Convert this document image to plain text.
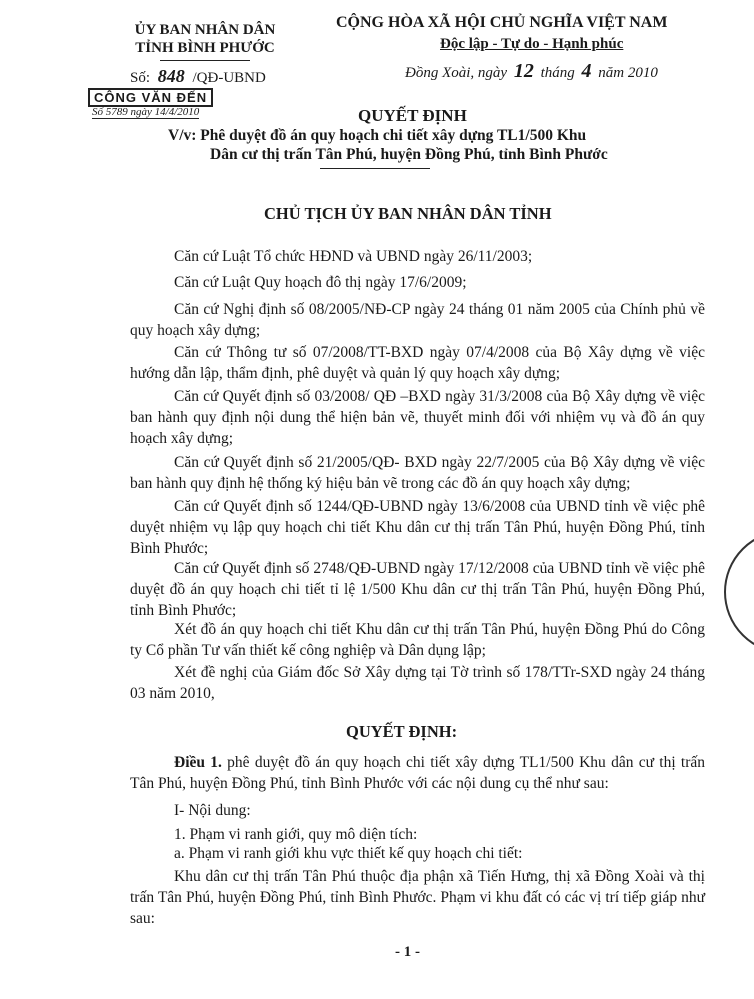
ỦY BAN NHÂN DÂN
TỈNH BÌNH PHƯỚC
CỘNG HÒA XÃ HỘI CHỦ NGHĨA VIỆT NAM
Độc lập - Tự do - Hạnh phúc
Số: 848 /QĐ-UBND	Đồng Xoài, ngày 12 tháng 4 năm 2010
CÔNG VĂN ĐẾN
Số 5789 ngày 14/4/2010	QUYẾT ĐỊNH
V/v: Phê duyệt đồ án quy hoạch chi tiết xây dựng TL1/500 Khu
Dân cư thị trấn Tân Phú, huyện Đồng Phú, tỉnh Bình Phước
CHỦ TỊCH ỦY BAN NHÂN DÂN TỈNH
Căn cứ Luật Tổ chức HĐND và UBND ngày 26/11/2003;
Căn cứ Luật Quy hoạch đô thị ngày 17/6/2009;
Căn cứ Nghị định số 08/2005/NĐ-CP ngày 24 tháng 01 năm 2005 của Chính phủ về quy hoạch xây dựng;
Căn cứ Thông tư số 07/2008/TT-BXD ngày 07/4/2008 của Bộ Xây dựng về việc hướng dẫn lập, thẩm định, phê duyệt và quản lý quy hoạch xây dựng;
Căn cứ Quyết định số 03/2008/ QĐ –BXD ngày 31/3/2008 của Bộ Xây dựng về việc ban hành quy định nội dung thể hiện bản vẽ, thuyết minh đối với nhiệm vụ và đồ án quy hoạch xây dựng;
Căn cứ Quyết định số 21/2005/QĐ- BXD ngày 22/7/2005 của Bộ Xây dựng về việc ban hành quy định hệ thống ký hiệu bản vẽ trong các đồ án quy hoạch xây dựng;
Căn cứ Quyết định số 1244/QĐ-UBND ngày 13/6/2008 của UBND tỉnh về việc phê duyệt nhiệm vụ lập quy hoạch chi tiết Khu dân cư thị trấn Tân Phú, huyện Đồng Phú, tỉnh Bình Phước;
Căn cứ Quyết định số 2748/QĐ-UBND ngày 17/12/2008 của UBND tỉnh về việc phê duyệt đồ án quy hoạch chi tiết tỉ lệ 1/500 Khu dân cư thị trấn Tân Phú, huyện Đồng Phú, tỉnh Bình Phước;
Xét đồ án quy hoạch chi tiết Khu dân cư thị trấn Tân Phú, huyện Đồng Phú do Công ty Cổ phần Tư vấn thiết kế công nghiệp và Dân dụng lập;
Xét đề nghị của Giám đốc Sở Xây dựng tại Tờ trình số 178/TTr-SXD ngày 24 tháng 03 năm 2010,
QUYẾT ĐỊNH:
Điều 1. phê duyệt đồ án quy hoạch chi tiết xây dựng TL1/500 Khu dân cư thị trấn Tân Phú, huyện Đồng Phú, tỉnh Bình Phước với các nội dung cụ thể như sau:
I- Nội dung:
1. Phạm vi ranh giới, quy mô diện tích:
a. Phạm vi ranh giới khu vực thiết kế quy hoạch chi tiết:
Khu dân cư thị trấn Tân Phú thuộc địa phận xã Tiến Hưng, thị xã Đồng Xoài và thị trấn Tân Phú, huyện Đồng Phú, tỉnh Bình Phước. Phạm vi khu đất có các vị trí tiếp giáp như sau:
- 1 -
